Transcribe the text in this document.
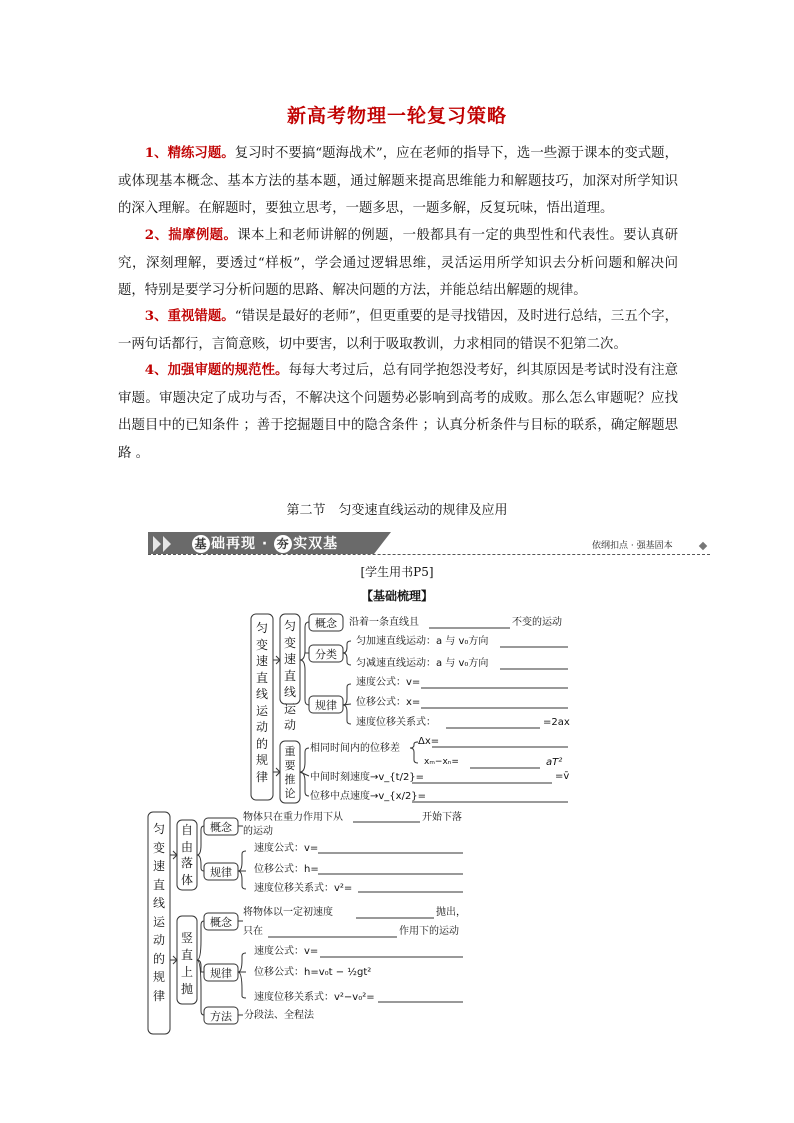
新高考物理一轮复习策略
1、精练习题。复习时不要搞“题海战术”，应在老师的指导下，选一些源于课本的变式题，或体现基本概念、基本方法的基本题，通过解题来提高思维能力和解题技巧，加深对所学知识的深入理解。在解题时，要独立思考，一题多思，一题多解，反复玩味，悟出道理。
2、揣摩例题。课本上和老师讲解的例题，一般都具有一定的典型性和代表性。要认真研究，深刻理解，要透过“样板”，学会通过逻辑思维，灵活运用所学知识去分析问题和解决问题，特别是要学习分析问题的思路、解决问题的方法，并能总结出解题的规律。
3、重视错题。“错误是最好的老师”，但更重要的是寻找错因，及时进行总结，三五个字，一两句话都行，言简意赅，切中要害，以利于吸取教训，力求相同的错误不犯第二次。
4、加强审题的规范性。每每大考过后，总有同学抱怨没考好，纠其原因是考试时没有注意审题。审题决定了成功与否，不解决这个问题势必影响到高考的成败。那么怎么审题呢？应找出题目中的已知条件 ；善于挖掘题目中的隐含条件 ；认真分析条件与目标的联系，确定解题思路 。
第二节　匀变速直线运动的规律及应用
基 础再现 · 夯 实双基	依纲扣点 · 强基固本
[学生用书P5]
【基础梳理】
匀变速直线运动的规律
匀变速直线运动
概念
分类
规律
重要推论
沿着一条直线且	不变的运动
匀加速直线运动：a 与 v₀方向
匀减速直线运动：a 与 v₀方向
速度公式：v=
位移公式：x=
速度位移关系式：	=2ax
相同时间内的位移差
Δx=
xₘ−xₙ=	aT²
中间时刻速度→v_{t/2}=	=v̄
位移中点速度→v_{x/2}=
匀变速直线运动的规律
自由落体
概念
规律
竖直上抛
概念
规律
方法
物体只在重力作用下从	开始下落
的运动
速度公式：v=
位移公式：h=
速度位移关系式：v²=
将物体以一定初速度	抛出，
只在	作用下的运动
速度公式：v=
位移公式：h=v₀t − ½gt²
速度位移关系式：v²−v₀²=
分段法、全程法
